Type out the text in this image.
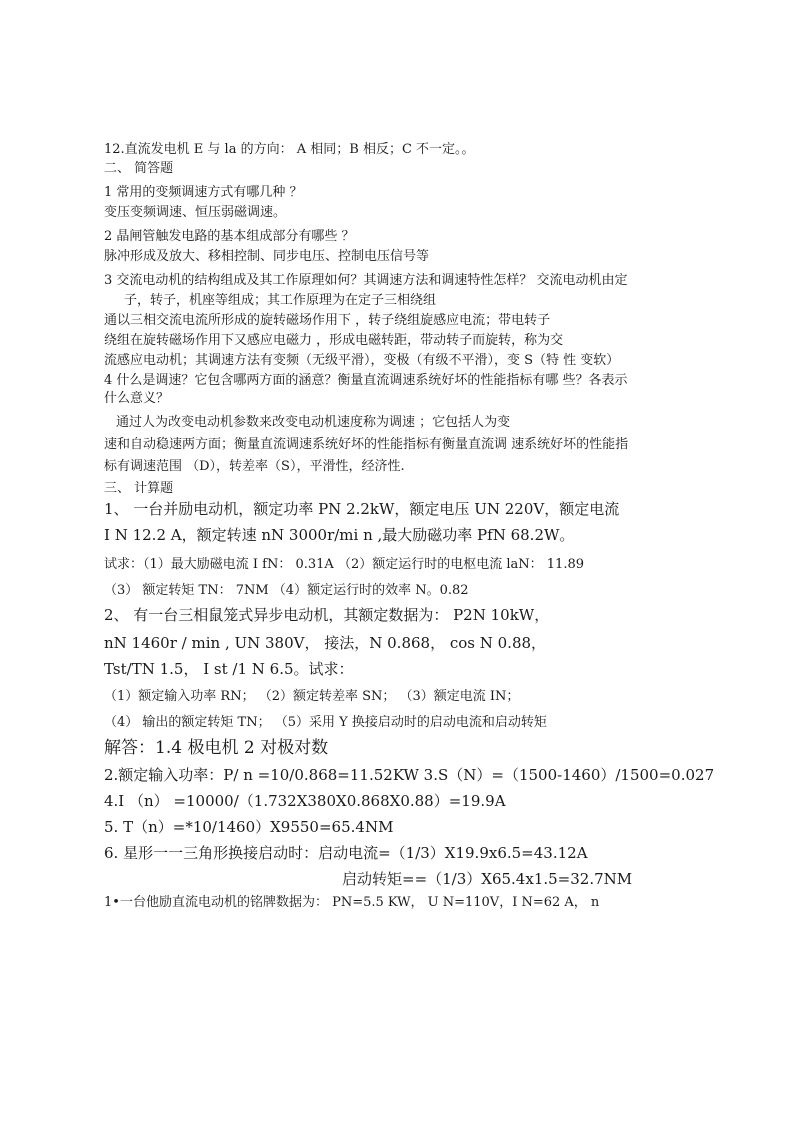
12.直流发电机 E 与 la 的方向： A 相同；B 相反；C 不一定。。
二、 简答题
1 常用的变频调速方式有哪几种 ？
变压变频调速、恒压弱磁调速。
2 晶闸管触发电路的基本组成部分有哪些 ？
脉冲形成及放大、移相控制、同步电压、控制电压信号等
3 交流电动机的结构组成及其工作原理如何？其调速方法和调速特性怎样？ 交流电动机由定
子，转子，机座等组成；其工作原理为在定子三相绕组
通以三相交流电流所形成的旋转磁场作用下 ，转子绕组旋感应电流；带电转子
绕组在旋转磁场作用下又感应电磁力 ，形成电磁转距，带动转子而旋转，称为交
流感应电动机；其调速方法有变频（无级平滑），变极（有级不平滑），变 S（特 性 变软）
4 什么是调速？它包含哪两方面的涵意？衡量直流调速系统好坏的性能指标有哪 些？各表示
什么意义？
通过人为改变电动机参数来改变电动机速度称为调速 ；它包括人为变
速和自动稳速两方面；衡量直流调速系统好坏的性能指标有衡量直流调 速系统好坏的性能指
标有调速范围 （D），转差率（S），平滑性，经济性.
三、 计算题
1、 一台并励电动机，额定功率 PN 2.2kW，额定电压 UN 220V，额定电流
I N 12.2 A，额定转速 nN 3000r/mi n ,最大励磁功率 PfN 68.2W。
试求：（1）最大励磁电流 I fN： 0.31A （2）额定运行时的电枢电流 laN： 11.89
（3） 额定转矩 TN： 7NM （4）额定运行时的效率 N。0.82
2、 有一台三相鼠笼式异步电动机，其额定数据为： P2N 10kW，
nN 1460r / min , UN 380V， 接法，N 0.868， cos N 0.88，
Tst/TN 1.5， I st /1 N 6.5。试求：
（1）额定输入功率 RN； （2）额定转差率 SN； （3）额定电流 IN；
（4） 输出的额定转矩 TN； （5）采用 Y 换接启动时的启动电流和启动转矩
解答：1.4 极电机 2 对极对数
2.额定输入功率：P/ n =10/0.868=11.52KW 3.S（N）=（1500-1460）/1500=0.027
4.I （n） =10000/（1.732X380X0.868X0.88）=19.9A
5. T（n）=*10/1460）X9550=65.4NM
6. 星形一一三角形换接启动时：启动电流=（1/3）X19.9x6.5=43.12A
启动转矩==（1/3）X65.4x1.5=32.7NM
1•一台他励直流电动机的铭牌数据为： PN=5.5 KW， U N=110V，I N=62 A， n
